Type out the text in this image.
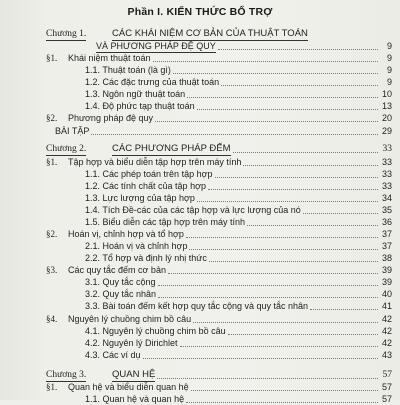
Phần I. KIẾN THỨC BỔ TRỢ
Chương 1.	CÁC KHÁI NIỆM CƠ BẢN CỦA THUẬT TOÁN
VÀ PHƯƠNG PHÁP ĐỆ QUY	9
§1. Khái niệm thuật toán	9
1.1. Thuật toán (là gì)	9
1.2. Các đặc trưng của thuật toán	9
1.3. Ngôn ngữ thuật toán	10
1.4. Độ phức tạp thuật toán	13
§2. Phương pháp đệ quy	20
BÀI TẬP	29
Chương 2.	CÁC PHƯƠNG PHÁP ĐẾM	33
§1. Tập hợp và biểu diễn tập hợp trên máy tính	33
1.1. Các phép toán trên tập hợp	33
1.2. Các tính chất của tập hợp	33
1.3. Lực lượng của tập hợp	34
1.4. Tích Đề-các của các tập hợp và lực lượng của nó	35
1.5. Biểu diễn các tập hợp trên máy tính	36
§2. Hoán vị, chỉnh hợp và tổ hợp	37
2.1. Hoán vị và chỉnh hợp	37
2.2. Tổ hợp và định lý nhị thức	38
§3. Các quy tắc đếm cơ bản	39
3.1. Quy tắc cộng	39
3.2. Quy tắc nhân	40
3.3. Bài toán đếm kết hợp quy tắc cộng và quy tắc nhân	41
§4. Nguyên lý chuồng chim bồ câu	42
4.1. Nguyên lý chuồng chim bồ câu	42
4.2. Nguyên lý Dirichlet	42
4.3. Các ví dụ	43
Chương 3.	QUAN HỆ	57
§1. Quan hệ và biểu diễn quan hệ	57
1.1. Quan hệ và quan hệ	57
